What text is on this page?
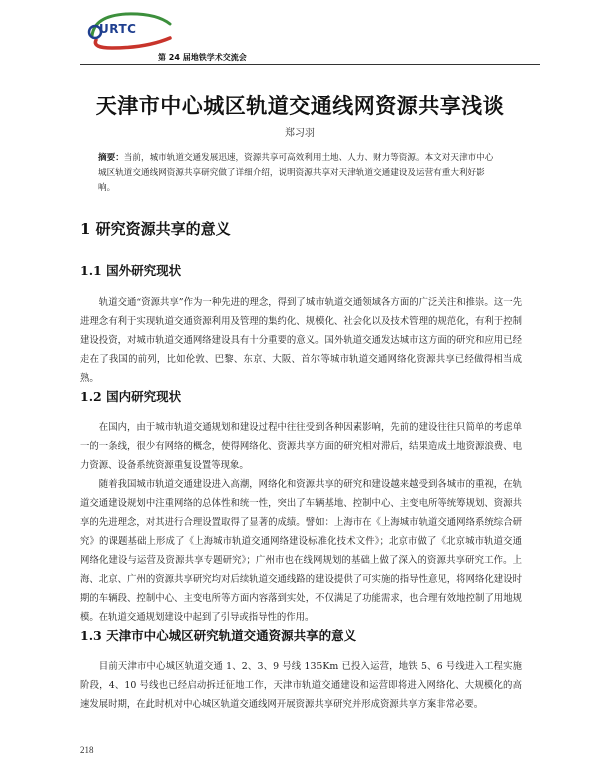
URTC
第 24 届地铁学术交流会
天津市中心城区轨道交通线网资源共享浅谈
郑习羽
摘要：当前，城市轨道交通发展迅速，资源共享可高效利用土地、人力、财力等资源。本文对天津市中心城区轨道交通线网资源共享研究做了详细介绍，说明资源共享对天津轨道交通建设及运营有重大利好影响。
1 研究资源共享的意义
1.1 国外研究现状

轨道交通“资源共享”作为一种先进的理念，得到了城市轨道交通领域各方面的广泛关注和推崇。这一先进理念有利于实现轨道交通资源利用及管理的集约化、规模化、社会化以及技术管理的规范化，有利于控制建设投资，对城市轨道交通网络建设具有十分重要的意义。国外轨道交通发达城市这方面的研究和应用已经走在了我国的前列，比如伦敦、巴黎、东京、大阪、首尔等城市轨道交通网络化资源共享已经做得相当成熟。

1.2 国内研究现状

在国内，由于城市轨道交通规划和建设过程中往往受到各种因素影响，先前的建设往往只简单的考虑单一的一条线，很少有网络的概念，使得网络化、资源共享方面的研究相对滞后，结果造成土地资源浪费、电力资源、设备系统资源重复设置等现象。

随着我国城市轨道交通建设进入高潮，网络化和资源共享的研究和建设越来越受到各城市的重视，在轨道交通建设规划中注重网络的总体性和统一性，突出了车辆基地、控制中心、主变电所等统筹规划、资源共享的先进理念，对其进行合理设置取得了显著的成绩。譬如：上海市在《上海城市轨道交通网络系统综合研究》的课题基础上形成了《上海城市轨道交通网络建设标准化技术文件》；北京市做了《北京城市轨道交通网络化建设与运营及资源共享专题研究》；广州市也在线网规划的基础上做了深入的资源共享研究工作。上海、北京、广州的资源共享研究均对后续轨道交通线路的建设提供了可实施的指导性意见，将网络化建设时期的车辆段、控制中心、主变电所等方面内容落到实处，不仅满足了功能需求，也合理有效地控制了用地规模。在轨道交通规划建设中起到了引导或指导性的作用。

1.3 天津市中心城区研究轨道交通资源共享的意义

目前天津市中心城区轨道交通 1、2、3、9 号线 135Km 已投入运营，地铁 5、6 号线进入工程实施阶段，4、10 号线也已经启动拆迁征地工作，天津市轨道交通建设和运营即将进入网络化、大规模化的高速发展时期，在此时机对中心城区轨道交通线网开展资源共享研究并形成资源共享方案非常必要。

218
